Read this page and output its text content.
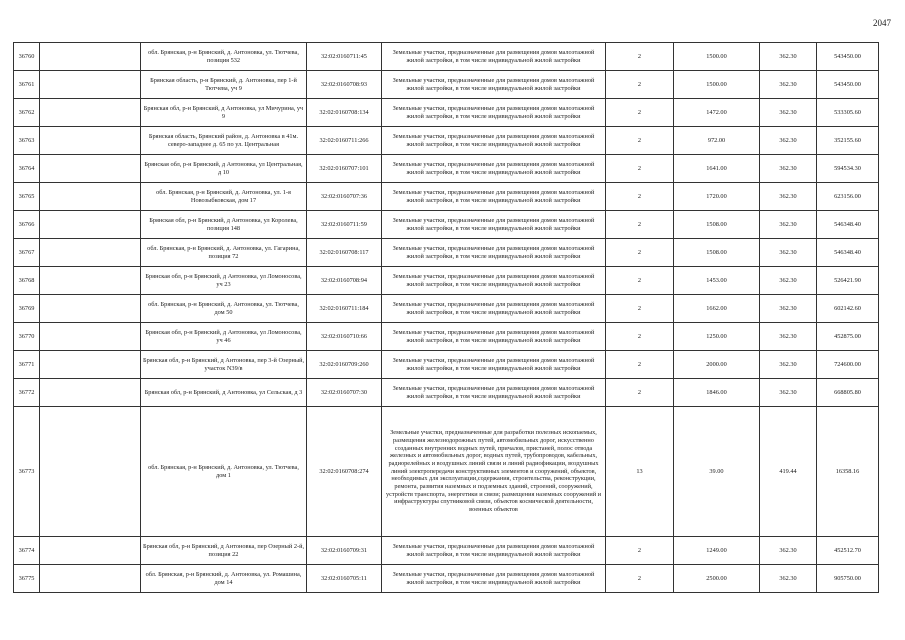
2047
36760		обл. Брянская, р-н Брянский, д. Антоновка, ул. Тютчева, позиция 532	32:02:0160711:45	Земельные участки, предназначенные для размещения домов малоэтажной жилой застройки, в том числе индивидуальной жилой застройки	2	1500.00	362.30	543450.00
36761		Брянская область, р-н Брянский, д. Антоновка, пер 1-й Тютчева, уч 9	32:02:0160708:93	Земельные участки, предназначенные для размещения домов малоэтажной жилой застройки, в том числе индивидуальной жилой застройки	2	1500.00	362.30	543450.00
36762		Брянская обл, р-н Брянский, д Антоновка, ул Мичурина, уч 9	32:02:0160708:134	Земельные участки, предназначенные для размещения домов малоэтажной жилой застройки, в том числе индивидуальной жилой застройки	2	1472.00	362.30	533305.60
36763		Брянская область, Брянский район, д. Антоновка в 41м. северо-западнее д. 65 по ул. Центральная	32:02:0160711:266	Земельные участки, предназначенные для размещения домов малоэтажной жилой застройки, в том числе индивидуальной жилой застройки	2	972.00	362.30	352155.60
36764		Брянская обл, р-н Брянский, д Антоновка, ул Центральная, д 10	32:02:0160707:101	Земельные участки, предназначенные для размещения домов малоэтажной жилой застройки, в том числе индивидуальной жилой застройки	2	1641.00	362.30	594534.30
36765		обл. Брянская, р-н Брянский, д. Антоновка, ул. 1-я Новозыбковская, дом 17	32:02:0160707:36	Земельные участки, предназначенные для размещения домов малоэтажной жилой застройки, в том числе индивидуальной жилой застройки	2	1720.00	362.30	623156.00
36766		Брянская обл, р-н Брянский, д Антоновка, ул Королева, позиция 148	32:02:0160711:59	Земельные участки, предназначенные для размещения домов малоэтажной жилой застройки, в том числе индивидуальной жилой застройки	2	1508.00	362.30	546348.40
36767		обл. Брянская, р-н Брянский, д. Антоновка, ул. Гагарина, позиция 72	32:02:0160708:117	Земельные участки, предназначенные для размещения домов малоэтажной жилой застройки, в том числе индивидуальной жилой застройки	2	1508.00	362.30	546348.40
36768		Брянская обл, р-н Брянский, д Антоновка, ул Ломоносова, уч 23	32:02:0160708:94	Земельные участки, предназначенные для размещения домов малоэтажной жилой застройки, в том числе индивидуальной жилой застройки	2	1453.00	362.30	526421.90
36769		обл. Брянская, р-н Брянский, д. Антоновка, ул. Тютчева, дом 50	32:02:0160711:184	Земельные участки, предназначенные для размещения домов малоэтажной жилой застройки, в том числе индивидуальной жилой застройки	2	1662.00	362.30	602142.60
36770		Брянская обл, р-н Брянский, д Антоновка, ул Ломоносова, уч 46	32:02:0160710:66	Земельные участки, предназначенные для размещения домов малоэтажной жилой застройки, в том числе индивидуальной жилой застройки	2	1250.00	362.30	452875.00
36771		Брянская обл, р-н Брянский, д Антоновка, пер 3-й Озерный, участок N39/в	32:02:0160709:260	Земельные участки, предназначенные для размещения домов малоэтажной жилой застройки, в том числе индивидуальной жилой застройки	2	2000.00	362.30	724600.00
36772		Брянская обл, р-н Брянский, д Антоновка, ул Сельская, д 3	32:02:0160707:30	Земельные участки, предназначенные для размещения домов малоэтажной жилой застройки, в том числе индивидуальной жилой застройки	2	1846.00	362.30	668805.80
36773		обл. Брянская, р-н Брянский, д. Антоновка, ул. Тютчева, дом 1	32:02:0160708:274	Земельные участки, предназначенные для разработки полезных ископаемых, размещения железнодорожных путей, автомобильных дорог, искусственно созданных внутренних водных путей, причалов, пристаней, полос отвода железных и автомобильных дорог, водных путей, трубопроводов, кабельных, радиорелейных и воздушных линий связи и линий радиофикации, воздушных линий электропередачи конструктивных элементов и сооружений, объектов, необходимых для эксплуатации,содержания, строительства, реконструкции, ремонта, развития наземных и подземных зданий, строений, сооружений, устройств транспорта, энергетики и связи; размещения наземных сооружений и инфраструктуры спутниковой связи, объектов космической деятельности, военных объектов	13	39.00	419.44	16358.16
36774		Брянская обл, р-н Брянский, д Антоновка, пер Озерный 2-й, позиция 22	32:02:0160709:31	Земельные участки, предназначенные для размещения домов малоэтажной жилой застройки, в том числе индивидуальной жилой застройки	2	1249.00	362.30	452512.70
36775		обл. Брянская, р-н Брянский, д. Антоновка, ул. Ромашина, дом 14	32:02:0160705:11	Земельные участки, предназначенные для размещения домов малоэтажной жилой застройки, в том числе индивидуальной жилой застройки	2	2500.00	362.30	905750.00
